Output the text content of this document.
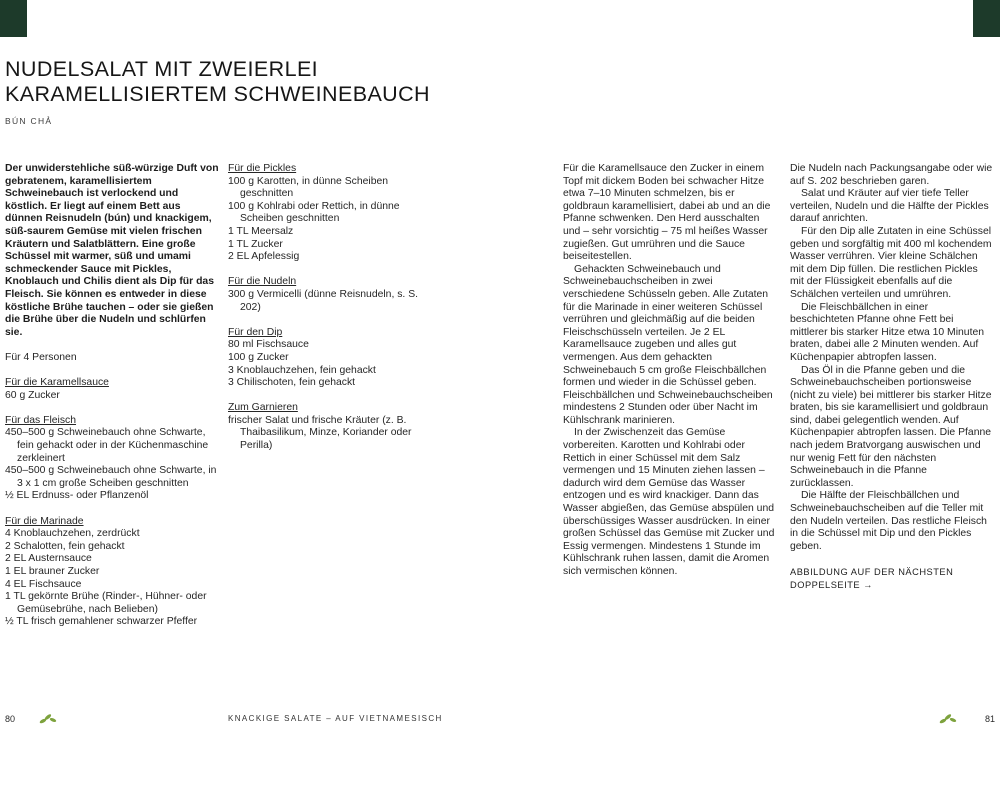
NUDELSALAT MIT ZWEIERLEI
KARAMELLISIERTEM SCHWEINEBAUCH
BÚN CHẢ

Der unwiderstehliche süß-würzige Duft von gebratenem, karamellisiertem Schweinebauch ist verlockend und köstlich. Er liegt auf einem Bett aus dünnen Reisnudeln (bún) und knackigem, süß-saurem Gemüse mit vielen frischen Kräutern und Salatblättern. Eine große Schüssel mit warmer, süß und umami schmeckender Sauce mit Pickles, Knoblauch und Chilis dient als Dip für das Fleisch. Sie können es entweder in diese köstliche Brühe tauchen – oder sie gießen die Brühe über die Nudeln und schlürfen sie.

Für 4 Personen

Für die Karamellsauce
60 g Zucker
Für das Fleisch
450–500 g Schweinebauch ohne Schwarte, fein gehackt oder in der Küchenmaschine zerkleinert
450–500 g Schweinebauch ohne Schwarte, in 3 x 1 cm große Scheiben geschnitten
½ EL Erdnuss- oder Pflanzenöl
Für die Marinade
4 Knoblauchzehen, zerdrückt
2 Schalotten, fein gehackt
2 EL Austernsauce
1 EL brauner Zucker
4 EL Fischsauce
1 TL gekörnte Brühe (Rinder-, Hühner- oder Gemüsebrühe, nach Belieben)
½ TL frisch gemahlener schwarzer Pfeffer
Für die Pickles
100 g Karotten, in dünne Scheiben geschnitten
100 g Kohlrabi oder Rettich, in dünne Scheiben geschnitten
1 TL Meersalz
1 TL Zucker
2 EL Apfelessig
Für die Nudeln
300 g Vermicelli (dünne Reisnudeln, s. S. 202)
Für den Dip
80 ml Fischsauce
100 g Zucker
3 Knoblauchzehen, fein gehackt
3 Chilischoten, fein gehackt
Zum Garnieren
frischer Salat und frische Kräuter (z. B. Thaibasilikum, Minze, Koriander oder Perilla)

Für die Karamellsauce den Zucker in einem Topf mit dickem Boden bei schwacher Hitze etwa 7–10 Minuten schmelzen, bis er goldbraun karamellisiert, dabei ab und an die Pfanne schwenken. Den Herd ausschalten und – sehr vorsichtig – 75 ml heißes Wasser zugießen. Gut umrühren und die Sauce beiseitestellen.

Gehackten Schweinebauch und Schweinebauchscheiben in zwei verschiedene Schüsseln geben. Alle Zutaten für die Marinade in einer weiteren Schüssel verrühren und gleichmäßig auf die beiden Fleischschüsseln verteilen. Je 2 EL Karamellsauce zugeben und alles gut vermengen. Aus dem gehackten Schweinebauch 5 cm große Fleischbällchen formen und wieder in die Schüssel geben. Fleischbällchen und Schweinebauchscheiben mindestens 2 Stunden oder über Nacht im Kühlschrank marinieren.

In der Zwischenzeit das Gemüse vorbereiten. Karotten und Kohlrabi oder Rettich in einer Schüssel mit dem Salz vermengen und 15 Minuten ziehen lassen – dadurch wird dem Gemüse das Wasser entzogen und es wird knackiger. Dann das Wasser abgießen, das Gemüse abspülen und überschüssiges Wasser ausdrücken. In einer großen Schüssel das Gemüse mit Zucker und Essig vermengen. Mindestens 1 Stunde im Kühlschrank ruhen lassen, damit die Aromen sich vermischen können.

Die Nudeln nach Packungsangabe oder wie auf S. 202 beschrieben garen.

Salat und Kräuter auf vier tiefe Teller verteilen, Nudeln und die Hälfte der Pickles darauf anrichten.

Für den Dip alle Zutaten in eine Schüssel geben und sorgfältig mit 400 ml kochendem Wasser verrühren. Vier kleine Schälchen mit dem Dip füllen. Die restlichen Pickles mit der Flüssigkeit ebenfalls auf die Schälchen verteilen und umrühren.

Die Fleischbällchen in einer beschichteten Pfanne ohne Fett bei mittlerer bis starker Hitze etwa 10 Minuten braten, dabei alle 2 Minuten wenden. Auf Küchenpapier abtropfen lassen.

Das Öl in die Pfanne geben und die Schweinebauchscheiben portionsweise (nicht zu viele) bei mittlerer bis starker Hitze braten, bis sie karamellisiert und goldbraun sind, dabei gelegentlich wenden. Auf Küchenpapier abtropfen lassen. Die Pfanne nach jedem Bratvorgang auswischen und nur wenig Fett für den nächsten Schweinebauch in die Pfanne zurücklassen.

Die Hälfte der Fleischbällchen und Schweinebauchscheiben auf die Teller mit den Nudeln verteilen. Das restliche Fleisch in die Schüssel mit Dip und den Pickles geben.

ABBILDUNG AUF DER NÄCHSTEN DOPPELSEITE →

80	KNACKIGE SALATE – AUF VIETNAMESISCH	81
